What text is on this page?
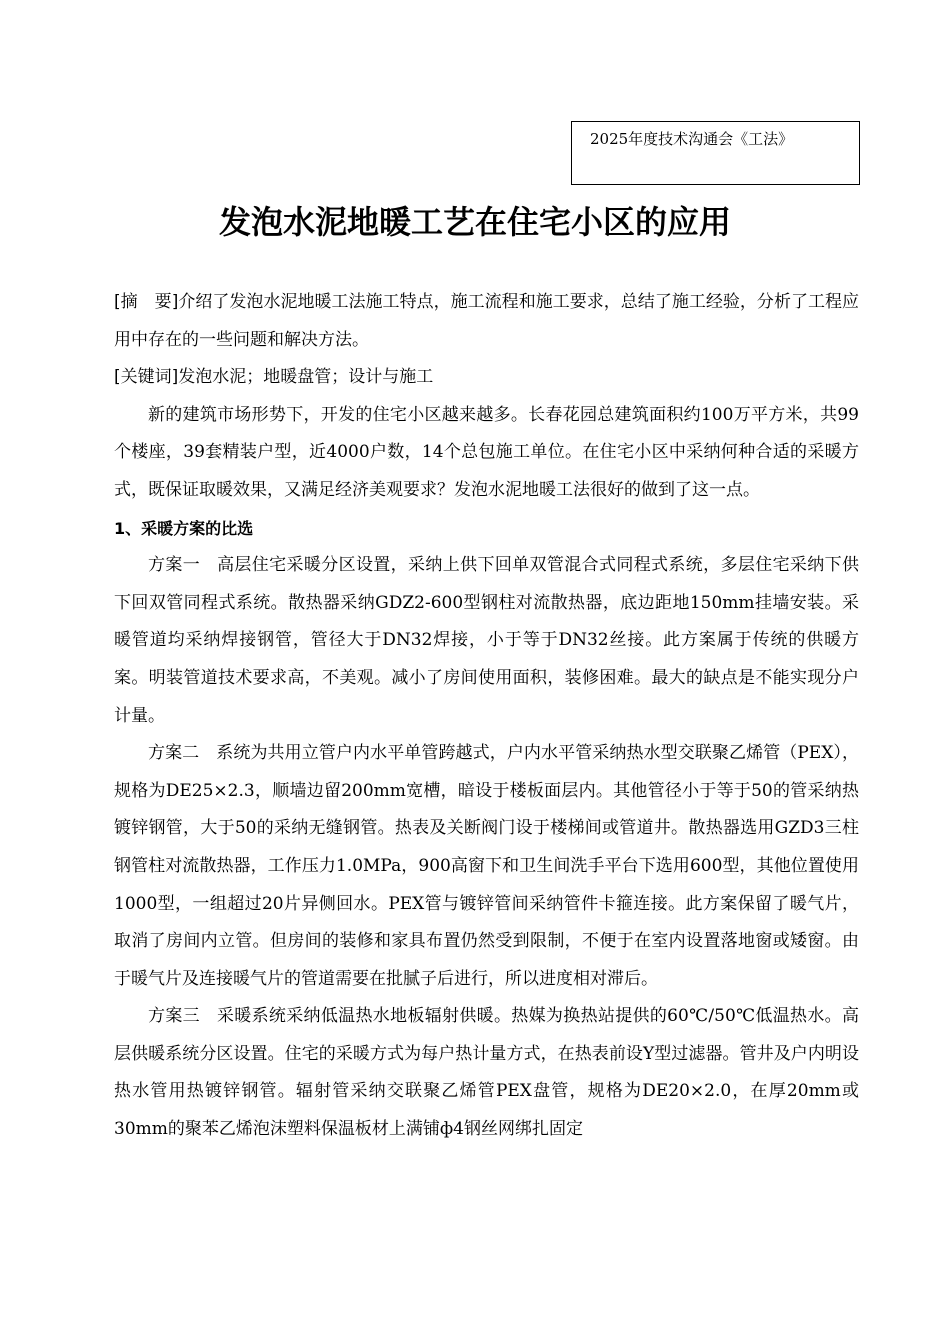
2025年度技术沟通会《工法》
发泡水泥地暖工艺在住宅小区的应用

[摘　要]介绍了发泡水泥地暖工法施工特点，施工流程和施工要求，总结了施工经验，分析了工程应用中存在的一些问题和解决方法。

[关键词]发泡水泥；地暖盘管；设计与施工

新的建筑市场形势下，开发的住宅小区越来越多。长春花园总建筑面积约100万平方米，共99个楼座，39套精装户型，近4000户数，14个总包施工单位。在住宅小区中采纳何种合适的采暖方式，既保证取暖效果，又满足经济美观要求？发泡水泥地暖工法很好的做到了这一点。

1、采暖方案的比选

方案一 高层住宅采暖分区设置，采纳上供下回单双管混合式同程式系统，多层住宅采纳下供下回双管同程式系统。散热器采纳GDZ2-600型钢柱对流散热器，底边距地150mm挂墙安装。采暖管道均采纳焊接钢管，管径大于DN32焊接，小于等于DN32丝接。此方案属于传统的供暖方案。明装管道技术要求高，不美观。减小了房间使用面积，装修困难。最大的缺点是不能实现分户计量。

方案二 系统为共用立管户内水平单管跨越式，户内水平管采纳热水型交联聚乙烯管（PEX），规格为DE25×2.3，顺墙边留200mm宽槽，暗设于楼板面层内。其他管径小于等于50的管采纳热镀锌钢管，大于50的采纳无缝钢管。热表及关断阀门设于楼梯间或管道井。散热器选用GZD3三柱钢管柱对流散热器，工作压力1.0MPa，900高窗下和卫生间洗手平台下选用600型，其他位置使用1000型，一组超过20片异侧回水。PEX管与镀锌管间采纳管件卡箍连接。此方案保留了暖气片，取消了房间内立管。但房间的装修和家具布置仍然受到限制，不便于在室内设置落地窗或矮窗。由于暖气片及连接暖气片的管道需要在批腻子后进行，所以进度相对滞后。

方案三 采暖系统采纳低温热水地板辐射供暖。热媒为换热站提供的60℃/50℃低温热水。高层供暖系统分区设置。住宅的采暖方式为每户热计量方式，在热表前设Y型过滤器。管井及户内明设热水管用热镀锌钢管。辐射管采纳交联聚乙烯管PEX盘管，规格为DE20×2.0，在厚20mm或30mm的聚苯乙烯泡沫塑料保温板材上满铺ф4钢丝网绑扎固定
